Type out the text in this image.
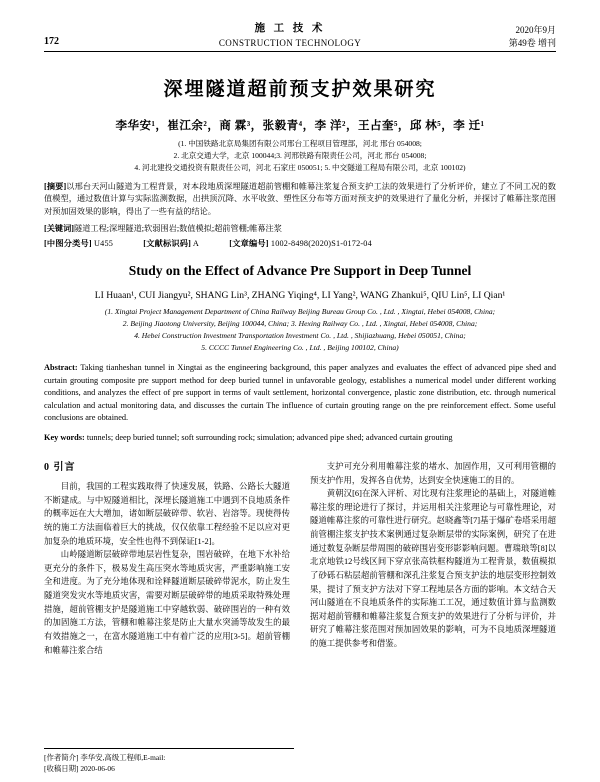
172
施 工 技 术
CONSTRUCTION TECHNOLOGY
2020年9月
第49卷 增刊
深埋隧道超前预支护效果研究
李华安¹，崔江余²，商 霖³，张毅青⁴，李 洋²，王占奎⁵，邱 林⁵，李 迁¹
(1. 中国铁路北京局集团有限公司邢台工程项目管理部，河北 邢台 054008;
2. 北京交通大学，北京 100044;3. 河邢铁路有限责任公司，河北 邢台 054008;
4. 河北建投交通投资有限责任公司，河北 石家庄 050051; 5. 中交隧道工程局有限公司，北京 100102)
[摘要]以邢台天河山隧道为工程背景，对本段地质深埋隧道超前管棚和帷幕注浆复合预支护工法的效果进行了分析评价，建立了不同工况的数值模型，通过数值计算与实际监测数据，出拱顶沉降、水平收敛、塑性区分布等方面对预支护的效果进行了量化分析，并探讨了帷幕注浆范围对预加固效果的影响，得出了一些有益的结论。
[关键词]隧道工程;深埋隧道;软弱围岩;数值模拟;超前管棚;帷幕注浆
[中图分类号] U455	[文献标识码] A	[文章编号] 1002-8498(2020)S1-0172-04
Study on the Effect of Advance Pre Support in Deep Tunnel
LI Huaan¹, CUI Jiangyu², SHANG Lin³, ZHANG Yiqing⁴, LI Yang², WANG Zhankui⁵, QIU Lin⁵, LI Qian¹
(1. Xingtai Project Management Department of China Railway Beijing Bureau Group Co. , Ltd. , Xingtai, Hebei 054008, China;
2. Beijing Jiaotong University, Beijing 100044, China; 3. Hexing Railway Co. , Ltd. , Xingtai, Hebei 054008, China;
4. Hebei Construction Investment Transportation Investment Co. , Ltd. , Shijiazhuang, Hebei 050051, China;
5. CCCC Tunnel Engineering Co. , Ltd. , Beijing 100102, China)
Abstract: Taking tianheshan tunnel in Xingtai as the engineering background, this paper analyzes and evaluates the effect of advanced pipe shed and curtain grouting composite pre support method for deep buried tunnel in unfavorable geology, establishes a numerical model under different working conditions, and analyzes the effect of pre support in terms of vault settlement, horizontal convergence, plastic zone distribution, etc. through numerical calculation and actual monitoring data, and discusses the curtain The influence of curtain grouting range on the pre reinforcement effect. Some useful conclusions are obtained.
Key words: tunnels; deep buried tunnel; soft surrounding rock; simulation; advanced pipe shed; advanced curtain grouting
0 引言

目前，我国的工程实践取得了快速发展，铁路、公路长大隧道不断建成。与中短隧道相比，深埋长隧道施工中遇到不良地质条件的概率远在大大增加，诸如断层破碎带、软岩、岩溶等。现使得传统的施工方法面临着巨大的挑战，仅仅依靠工程经验不足以应对更加复杂的地质环境，安全性也得不到保证[1-2]。

山岭隧道断层破碎带地层岩性复杂，围岩破碎，在地下水补给更充分的条件下，极易发生高压突水等地质灾害，严重影响施工安全和进度。为了充分地体现和诠释隧道断层破碎带泥水，防止发生隧道突发灾水等地质灾害，需要对断层破碎带的地质采取特殊处理措施，超前管棚支护是隧道施工中穿越软弱、破碎围岩的一种有效的加固施工方法，管棚和帷幕注浆是防止大量水突涌等故发生的最有效措施之一，在富水隧道施工中有着广泛的应用[3-5]。超前管棚和帷幕注浆合结

支护可充分利用帷幕注浆的堵水、加固作用，又可利用管棚的预支护作用，发挥各自优势，达到安全快速施工的目的。

黄朝汉[6]在深入评析、对比现有注浆理论的基础上，对隧道帷幕注浆的理论进行了探讨，并运用相关注浆理论与可靠性理论，对隧道帷幕注浆的可靠性进行研究。赵晓鑫等[7]基于爆矿卷塔采用超前管棚注浆支护技术案例通过复杂断层带的实际案例，研究了在进通过数复杂断层带周围的破碎围岩变形影影响问题。曹瑞琅等[8]以北京地铁12号线区间下穿京张高铁框构隧道为工程背景，数值模拟了砂砾石粘层超前管棚和深孔注浆复合预支护法的地层变形控制效果，提讨了预支护方法对下穿工程地层各方面的影响。本文结合天河山隧道在不良地质条件的实际施工工况，通过数值计算与监测数据对超前管棚和帷幕注浆复合预支护的效果进行了分析与评价，并研究了帷幕注浆范围对预加固效果的影响，可为不良地质深埋隧道的施工提供参考和借鉴。

[作者简介] 李华安,高级工程师,E-mail:
[收稿日期] 2020-06-06
